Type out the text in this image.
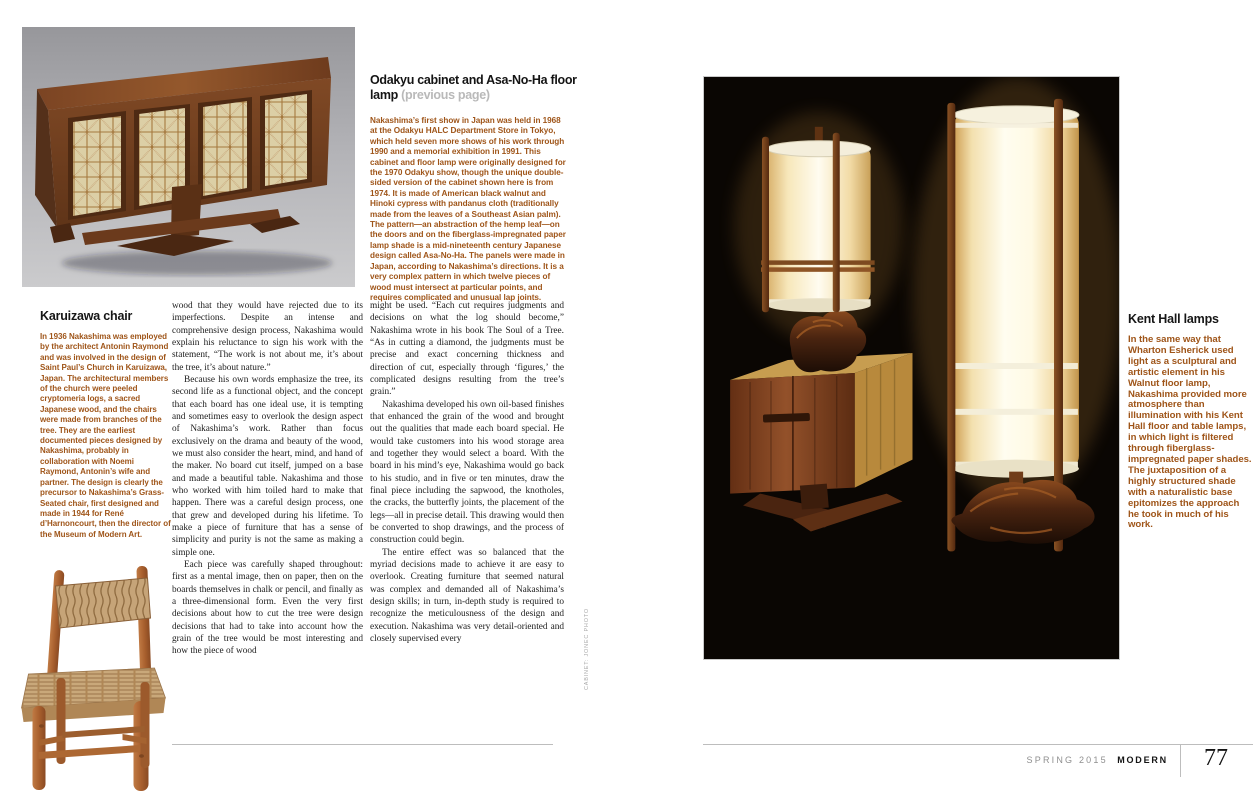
Karuizawa chair
In 1936 Nakashima was employed by the architect Antonin Raymond and was involved in the design of Saint Paul’s Church in Karuizawa, Japan. The architectural members of the church were peeled cryptomeria logs, a sacred Japanese wood, and the chairs were made from branches of the tree. They are the earliest documented pieces designed by Nakashima, probably in collaboration with Noemi Raymond, Antonin’s wife and partner. The design is clearly the precursor to Nakashima’s Grass-Seated chair, first designed and made in 1944 for René d’Harnoncourt, then the director of the Museum of Modern Art.

wood that they would have rejected due to its imperfections. Despite an intense and comprehensive design process, Nakashima would explain his reluctance to sign his work with the statement, “The work is not about me, it’s about the tree, it’s about nature.”

Because his own words emphasize the tree, its second life as a functional object, and the concept that each board has one ideal use, it is tempting and sometimes easy to overlook the design aspect of Nakashima’s work. Rather than focus exclusively on the drama and beauty of the wood, we must also consider the heart, mind, and hand of the maker. No board cut itself, jumped on a base and made a beautiful table. Nakashima and those who worked with him toiled hard to make that happen. There was a careful design process, one that grew and developed during his lifetime. To make a piece of furniture that has a sense of simplicity and purity is not the same as making a simple one.

Each piece was carefully shaped throughout: first as a mental image, then on paper, then on the boards themselves in chalk or pencil, and finally as a three-dimensional form. Even the very first decisions about how to cut the tree were design decisions that had to take into account how the grain of the tree would be most interesting and how the piece of wood

Odakyu cabinet and Asa-No-Ha floor lamp (previous page)
Nakashima’s first show in Japan was held in 1968 at the Odakyu HALC Department Store in Tokyo, which held seven more shows of his work through 1990 and a memorial exhibition in 1991. This cabinet and floor lamp were originally designed for the 1970 Odakyu show, though the unique double-sided version of the cabinet shown here is from 1974. It is made of American black walnut and Hinoki cypress with pandanus cloth (traditionally made from the leaves of a Southeast Asian palm). The pattern—an abstraction of the hemp leaf—on the doors and on the fiberglass-impregnated paper lamp shade is a mid-nineteenth century Japanese design called Asa-No-Ha. The panels were made in Japan, according to Nakashima’s directions. It is a very complex pattern in which twelve pieces of wood must intersect at particular points, and requires complicated and unusual lap joints.

might be used. “Each cut requires judgments and decisions on what the log should become,” Nakashima wrote in his book The Soul of a Tree. “As in cutting a diamond, the judgments must be precise and exact concerning thickness and direction of cut, especially through ‘figures,’ the complicated designs resulting from the tree’s grain.”

Nakashima developed his own oil-based finishes that enhanced the grain of the wood and brought out the qualities that made each board special. He would take customers into his wood storage area and together they would select a board. With the board in his mind’s eye, Nakashima would go back to his studio, and in five or ten minutes, draw the final piece including the sapwood, the knotholes, the cracks, the butterfly joints, the placement of the legs—all in precise detail. This drawing would then be converted to shop drawings, and the process of construction could begin.

The entire effect was so balanced that the myriad decisions made to achieve it are easy to overlook. Creating furniture that seemed natural was complex and demanded all of Nakashima’s design skills; in turn, in-depth study is required to recognize the meticulousness of the design and execution. Nakashima was very detail-oriented and closely supervised every	CABINET: JONEC PHOTO
Kent Hall lamps
In the same way that Wharton Esherick used light as a sculptural and artistic element in his Walnut floor lamp, Nakashima provided more atmosphere than illumination with his Kent Hall floor and table lamps, in which light is filtered through fiberglass-impregnated paper shades. The juxtaposition of a highly structured shade with a naturalistic base epitomizes the approach he took in much of his work.
SPRING 2015 MODERN	77
